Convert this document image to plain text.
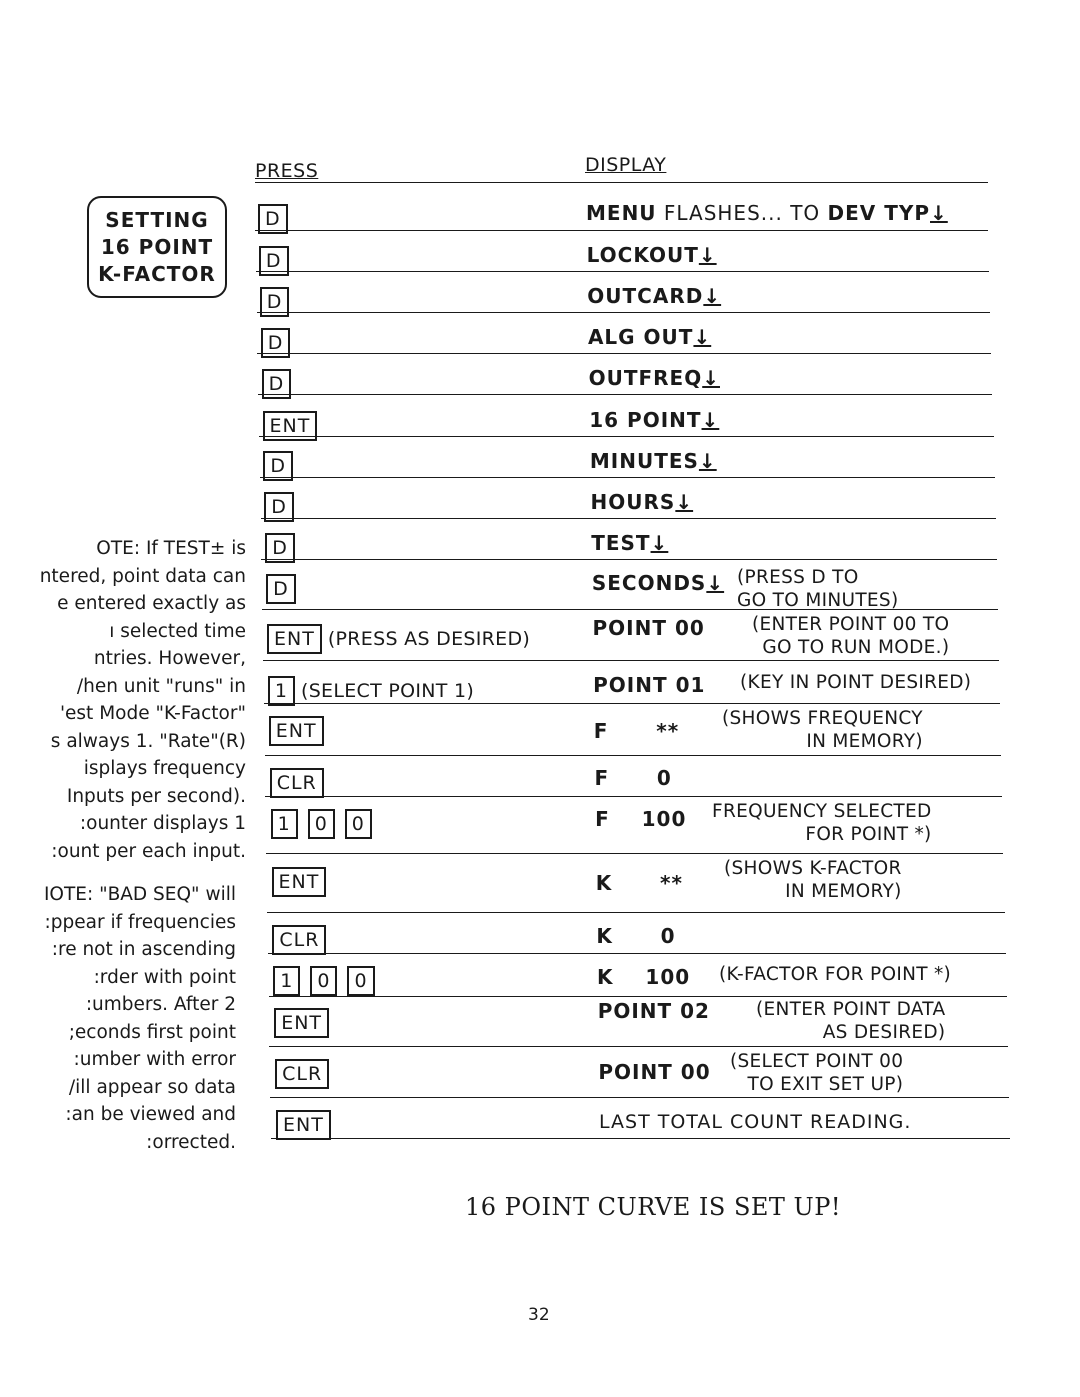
PRESS	DISPLAY
SETTING
16 POINT
K-FACTOR
OTE: If TEST± is
ntered, point data can
e entered exactly as
ı selected time
ntries. However,
/hen unit "runs" in
'est Mode "K-Factor"
s always 1. "Rate"(R)
isplays frequency
Inputs per second).
:ounter displays 1
:ount per each input.
IOTE: "BAD SEQ" will
:ppear if frequencies
:re not in ascending
:rder with point
:umbers. After 2
;econds first point
:umber with error
/ill appear so data
:an be viewed and
:orrected.
D	MENU FLASHES... TO DEV TYP↓
D	LOCKOUT↓
D	OUTCARD↓
D	ALG OUT↓
D	OUTFREQ↓
ENT	16 POINT↓
D	MINUTES↓
D	HOURS↓
D	TEST↓
D	SECONDS↓ (PRESS D TO
GO TO MINUTES)
ENT (PRESS AS DESIRED)	POINT 00	(ENTER POINT 00 TO
GO TO RUN MODE.)
1 (SELECT POINT 1)	POINT 01 (KEY IN POINT DESIRED)
ENT	F      **
(SHOWS FREQUENCY
IN MEMORY)
CLR	F      0
1 0 0	F    100 FREQUENCY SELECTED
FOR POINT *)
ENT	K      **
(SHOWS K-FACTOR
IN MEMORY)
CLR	K      0
1 0 0	K    100 (K-FACTOR FOR POINT *)
ENT	POINT 02 (ENTER POINT DATA
AS DESIRED)
CLR	POINT 00 (SELECT POINT 00
TO EXIT SET UP)
ENT	LAST TOTAL COUNT READING.
16 POINT CURVE IS SET UP!
32
